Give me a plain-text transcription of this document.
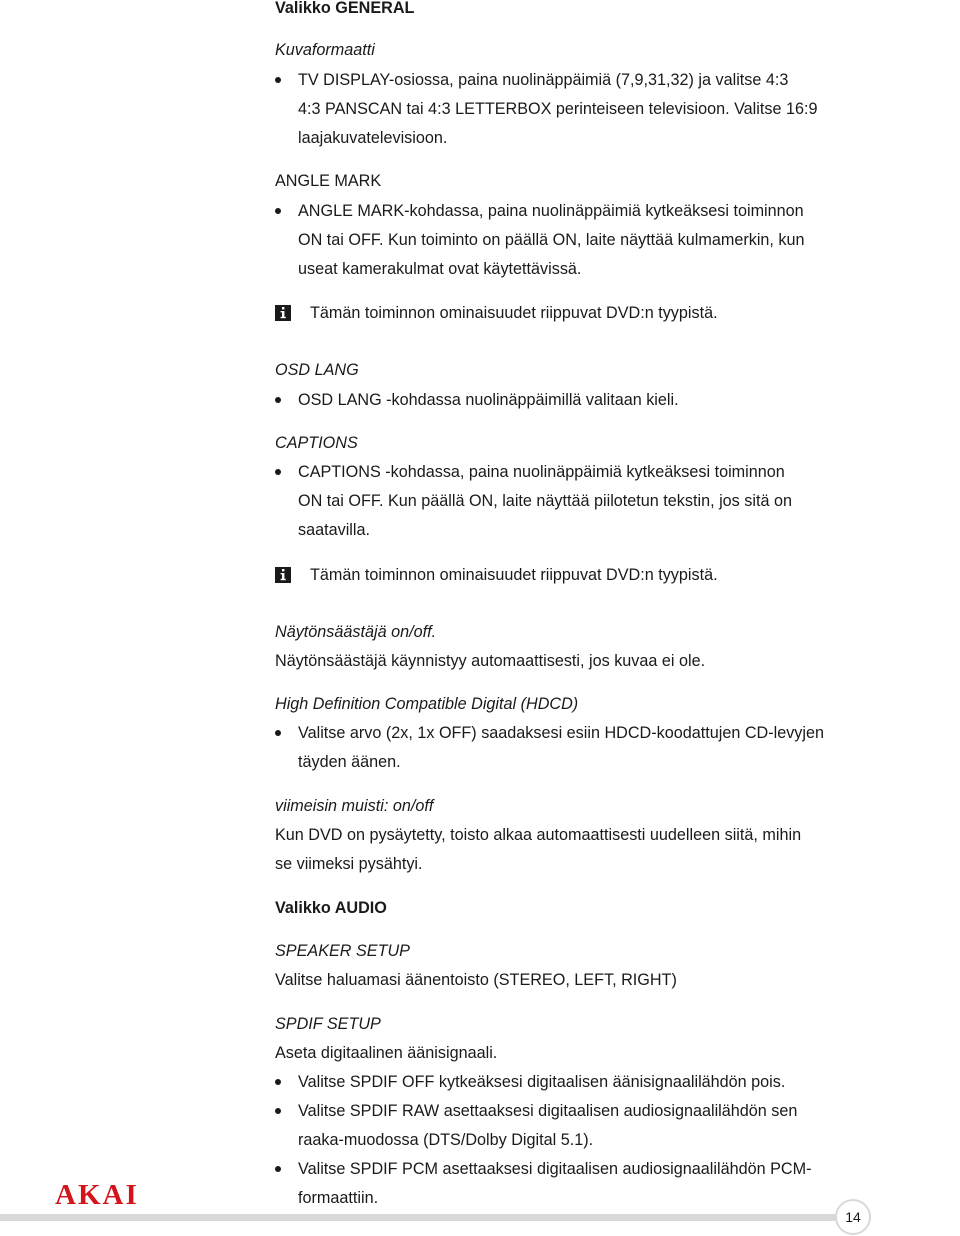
Valikko GENERAL
Kuvaformaatti
TV DISPLAY-osiossa, paina nuolinäppäimiä (7,9,31,32) ja valitse 4:3
4:3 PANSCAN tai 4:3 LETTERBOX perinteiseen televisioon. Valitse 16:9
laajakuvatelevisioon.
ANGLE MARK
ANGLE MARK-kohdassa, paina nuolinäppäimiä kytkeäksesi toiminnon
ON tai OFF. Kun toiminto on päällä ON, laite näyttää kulmamerkin, kun
useat kamerakulmat ovat käytettävissä.
Tämän toiminnon ominaisuudet riippuvat DVD:n tyypistä.
OSD LANG
OSD LANG -kohdassa nuolinäppäimillä valitaan kieli.
CAPTIONS
CAPTIONS -kohdassa, paina nuolinäppäimiä kytkeäksesi toiminnon
ON tai OFF. Kun päällä ON, laite näyttää piilotetun tekstin, jos sitä on
saatavilla.
Tämän toiminnon ominaisuudet riippuvat DVD:n tyypistä.
Näytönsäästäjä on/off.
Näytönsäästäjä käynnistyy automaattisesti, jos kuvaa ei ole.
High Definition Compatible Digital (HDCD)
Valitse arvo (2x, 1x OFF) saadaksesi esiin HDCD-koodattujen CD-levyjen
täyden äänen.
viimeisin muisti: on/off
Kun DVD on pysäytetty, toisto alkaa automaattisesti uudelleen siitä, mihin
se viimeksi pysähtyi.
Valikko AUDIO
SPEAKER SETUP
Valitse haluamasi äänentoisto (STEREO, LEFT, RIGHT)
SPDIF SETUP
Aseta digitaalinen äänisignaali.
Valitse SPDIF OFF kytkeäksesi digitaalisen äänisignaalilähdön pois.
Valitse SPDIF RAW asettaaksesi digitaalisen audiosignaalilähdön sen
raaka-muodossa (DTS/Dolby Digital 5.1).
Valitse SPDIF PCM asettaaksesi digitaalisen audiosignaalilähdön PCM-
formaattiin.
AKAI
14
